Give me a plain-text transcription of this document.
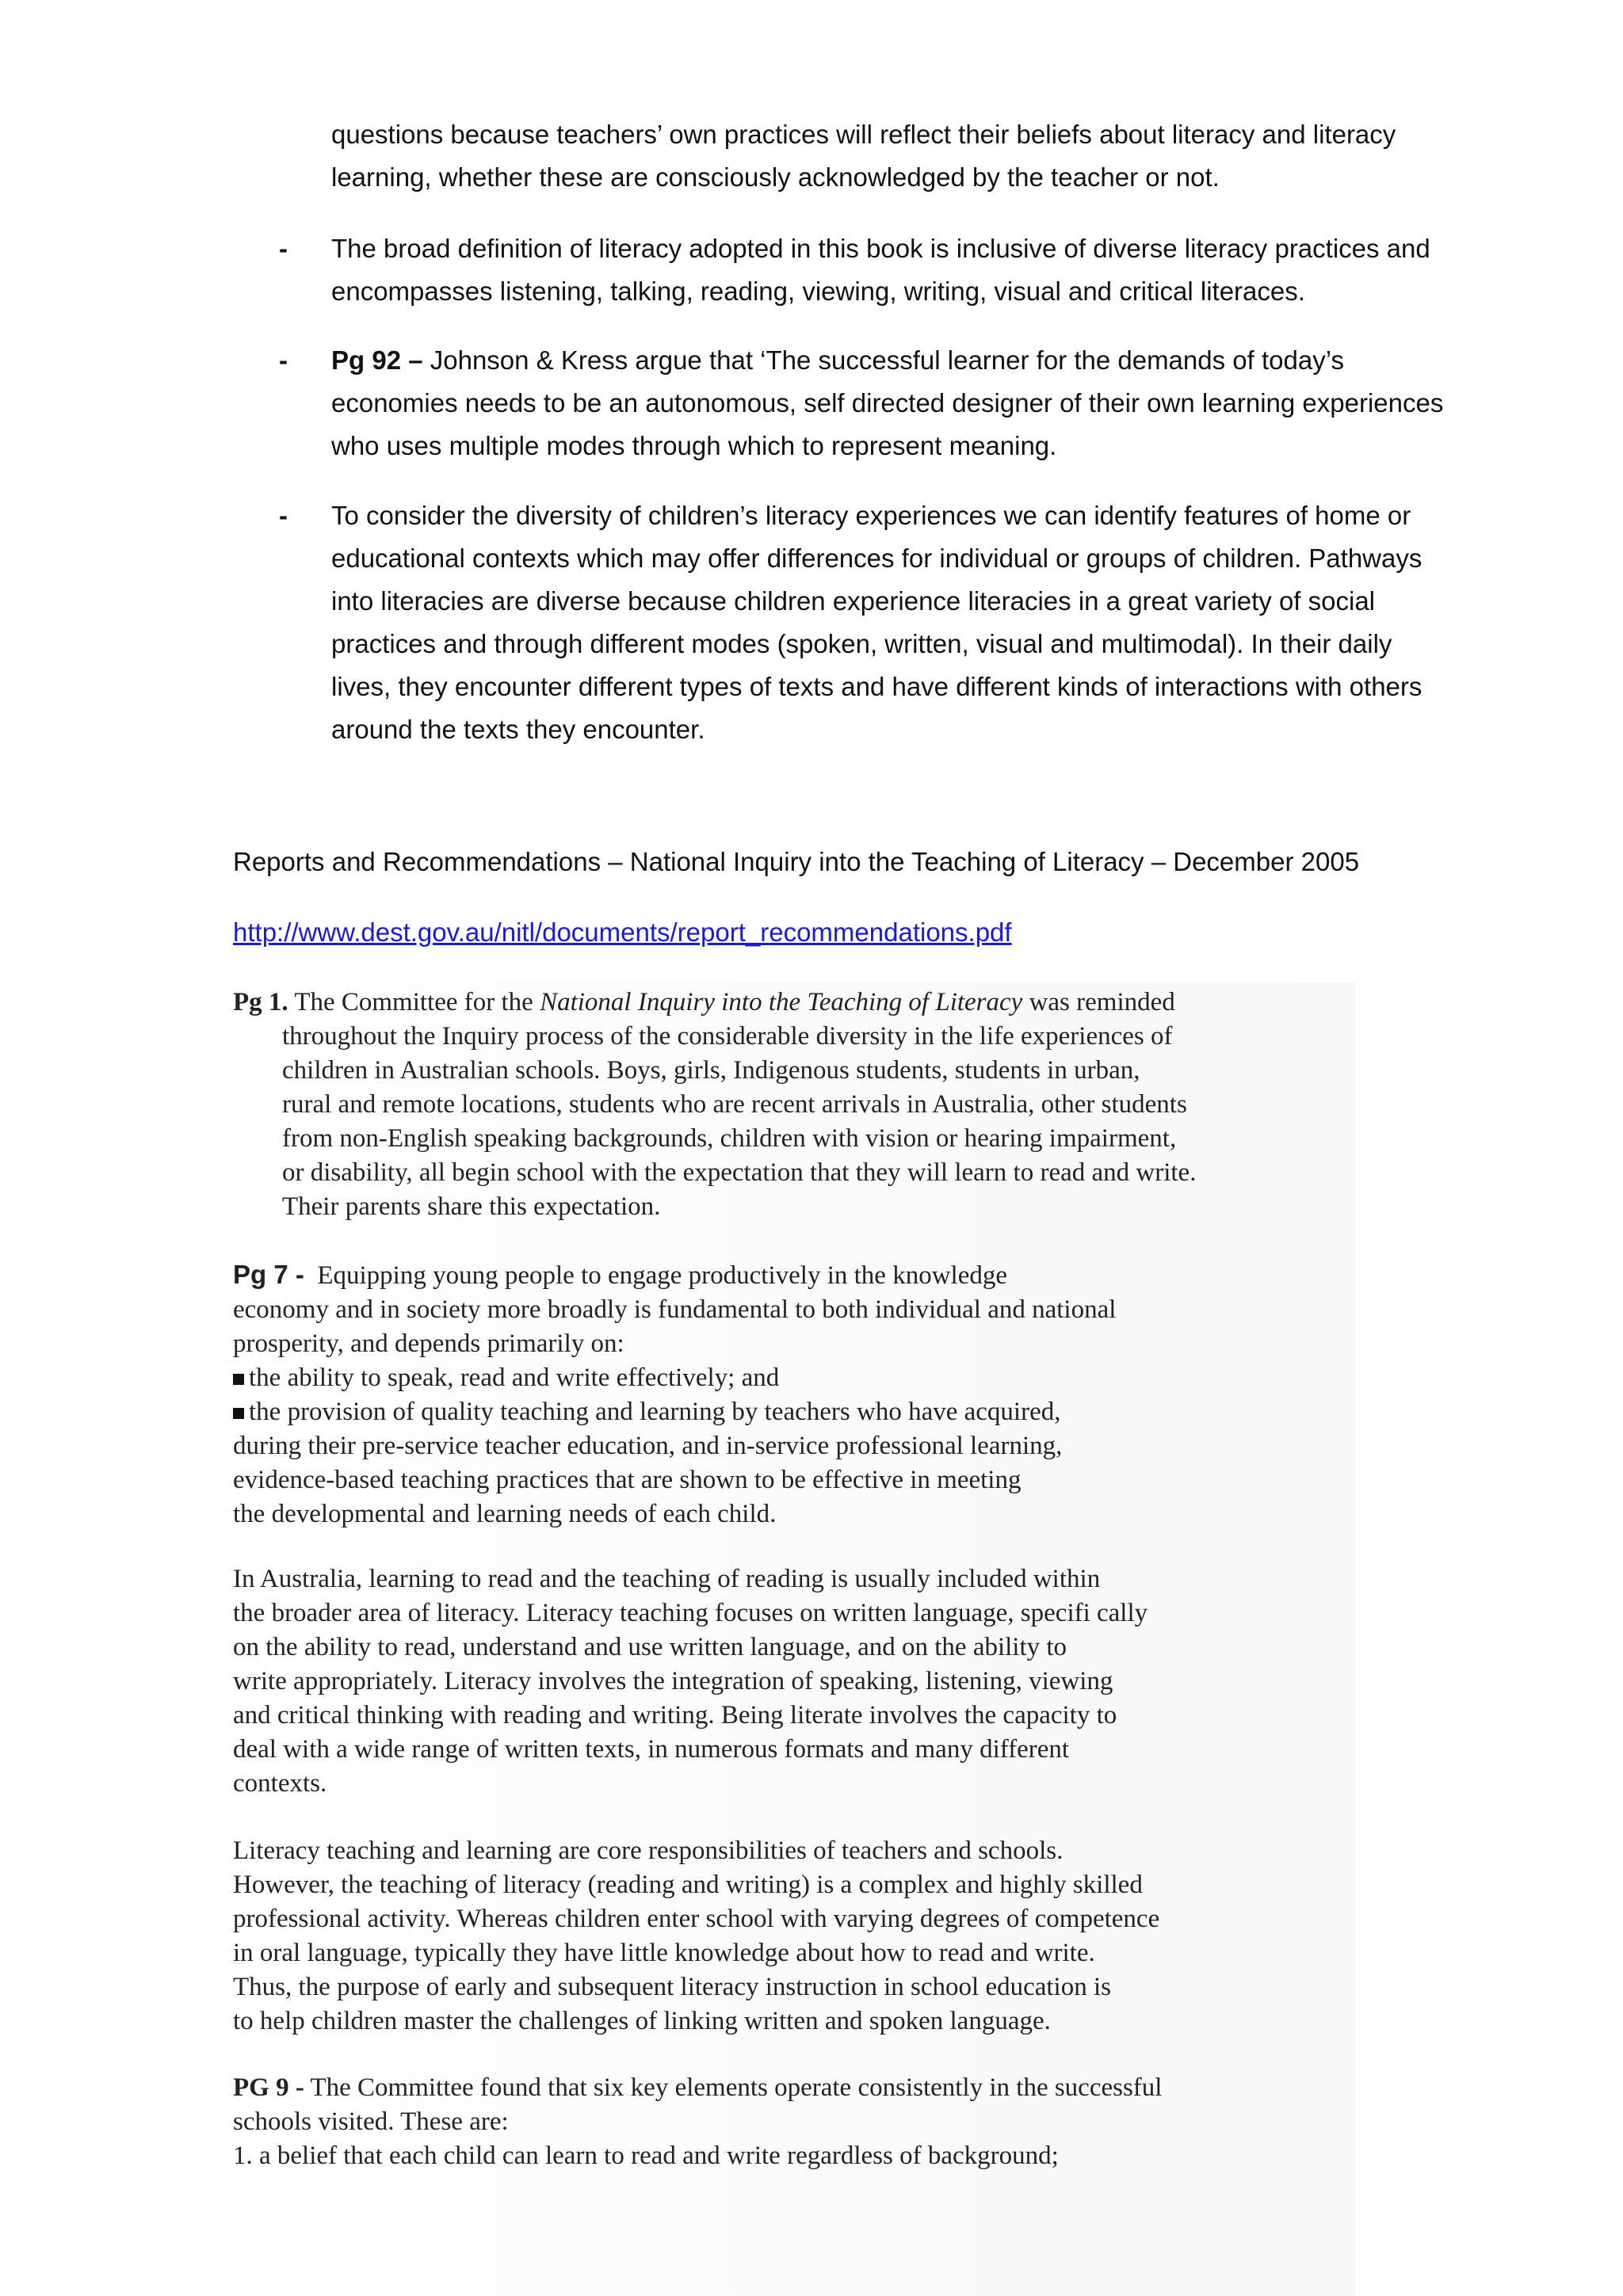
questions because teachers’ own practices will reflect their beliefs about literacy and literacy
learning, whether these are consciously acknowledged by the teacher or not.
- The broad definition of literacy adopted in this book is inclusive of diverse literacy practices and
encompasses listening, talking, reading, viewing, writing, visual and critical literaces.
- Pg 92 – Johnson & Kress argue that ‘The successful learner for the demands of today’s
economies needs to be an autonomous, self directed designer of their own learning experiences
who uses multiple modes through which to represent meaning.
- To consider the diversity of children’s literacy experiences we can identify features of home or
educational contexts which may offer differences for individual or groups of children. Pathways
into literacies are diverse because children experience literacies in a great variety of social
practices and through different modes (spoken, written, visual and multimodal). In their daily
lives, they encounter different types of texts and have different kinds of interactions with others
around the texts they encounter.
Reports and Recommendations – National Inquiry into the Teaching of Literacy – December 2005
http://www.dest.gov.au/nitl/documents/report_recommendations.pdf
Pg 1. The Committee for the National Inquiry into the Teaching of Literacy was reminded
throughout the Inquiry process of the considerable diversity in the life experiences of
children in Australian schools. Boys, girls, Indigenous students, students in urban,
rural and remote locations, students who are recent arrivals in Australia, other students
from non-English speaking backgrounds, children with vision or hearing impairment,
or disability, all begin school with the expectation that they will learn to read and write.
Their parents share this expectation.
Pg 7 -  Equipping young people to engage productively in the knowledge
economy and in society more broadly is fundamental to both individual and national
prosperity, and depends primarily on:
the ability to speak, read and write effectively; and
the provision of quality teaching and learning by teachers who have acquired,
during their pre-service teacher education, and in-service professional learning,
evidence-based teaching practices that are shown to be effective in meeting
the developmental and learning needs of each child.
In Australia, learning to read and the teaching of reading is usually included within
the broader area of literacy. Literacy teaching focuses on written language, specifi cally
on the ability to read, understand and use written language, and on the ability to
write appropriately. Literacy involves the integration of speaking, listening, viewing
and critical thinking with reading and writing. Being literate involves the capacity to
deal with a wide range of written texts, in numerous formats and many different
contexts.
Literacy teaching and learning are core responsibilities of teachers and schools.
However, the teaching of literacy (reading and writing) is a complex and highly skilled
professional activity. Whereas children enter school with varying degrees of competence
in oral language, typically they have little knowledge about how to read and write.
Thus, the purpose of early and subsequent literacy instruction in school education is
to help children master the challenges of linking written and spoken language.
PG 9 - The Committee found that six key elements operate consistently in the successful
schools visited. These are:
1. a belief that each child can learn to read and write regardless of background;
